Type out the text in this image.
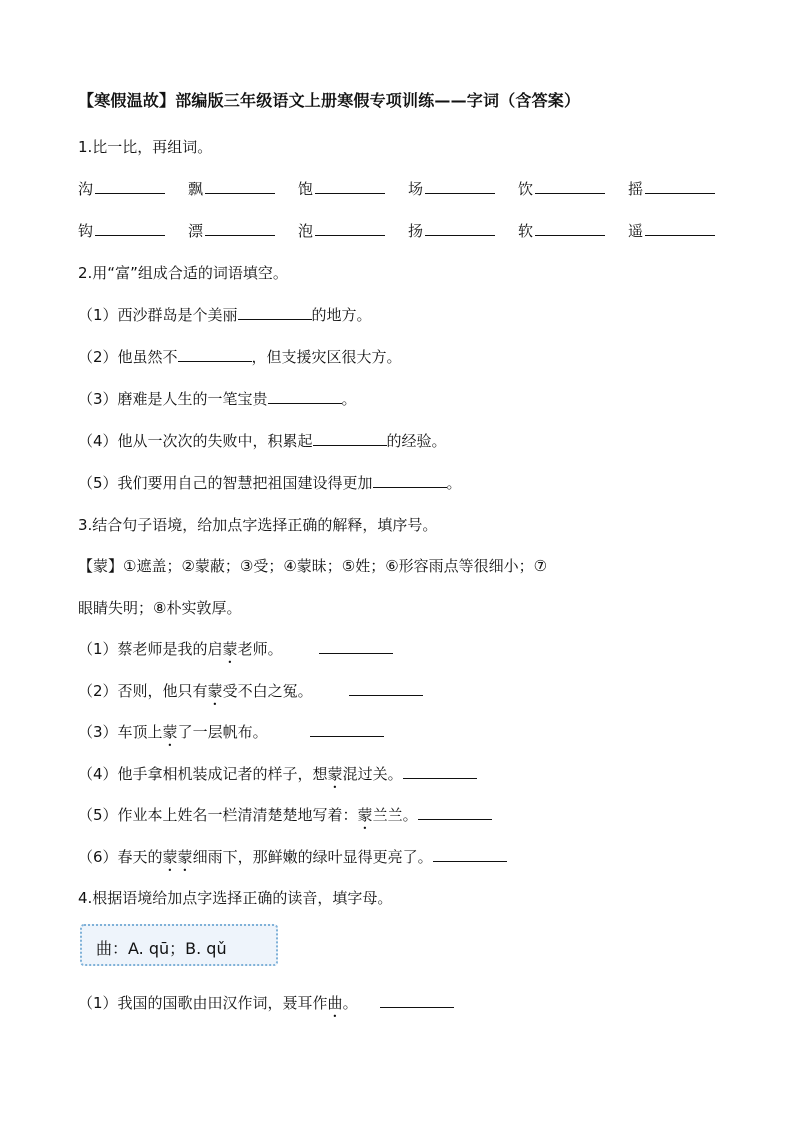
【寒假温故】部编版三年级语文上册寒假专项训练——字词（含答案）
1.比一比，再组词。
沟	飘	饱	场	饮	摇
钩	漂	泡	扬	软	遥
2.用“富”组成合适的词语填空。
（1）西沙群岛是个美丽	的地方。
（2）他虽然不	，但支援灾区很大方。
（3）磨难是人生的一笔宝贵	。
（4）他从一次次的失败中，积累起	的经验。
（5）我们要用自己的智慧把祖国建设得更加	。
3.结合句子语境，给加点字选择正确的解释，填序号。
【蒙】①遮盖；②蒙蔽；③受；④蒙昧；⑤姓；⑥形容雨点等很细小；⑦
眼睛失明；⑧朴实敦厚。
（1）蔡老师是我的启蒙老师。
（2）否则，他只有蒙受不白之冤。
（3）车顶上蒙了一层帆布。
（4）他手拿相机装成记者的样子，想蒙混过关。
（5）作业本上姓名一栏清清楚楚地写着：蒙兰兰。
（6）春天的蒙蒙细雨下，那鲜嫩的绿叶显得更亮了。
4.根据语境给加点字选择正确的读音，填字母。
曲：A. qū；B. qǔ
（1）我国的国歌由田汉作词，聂耳作曲。
